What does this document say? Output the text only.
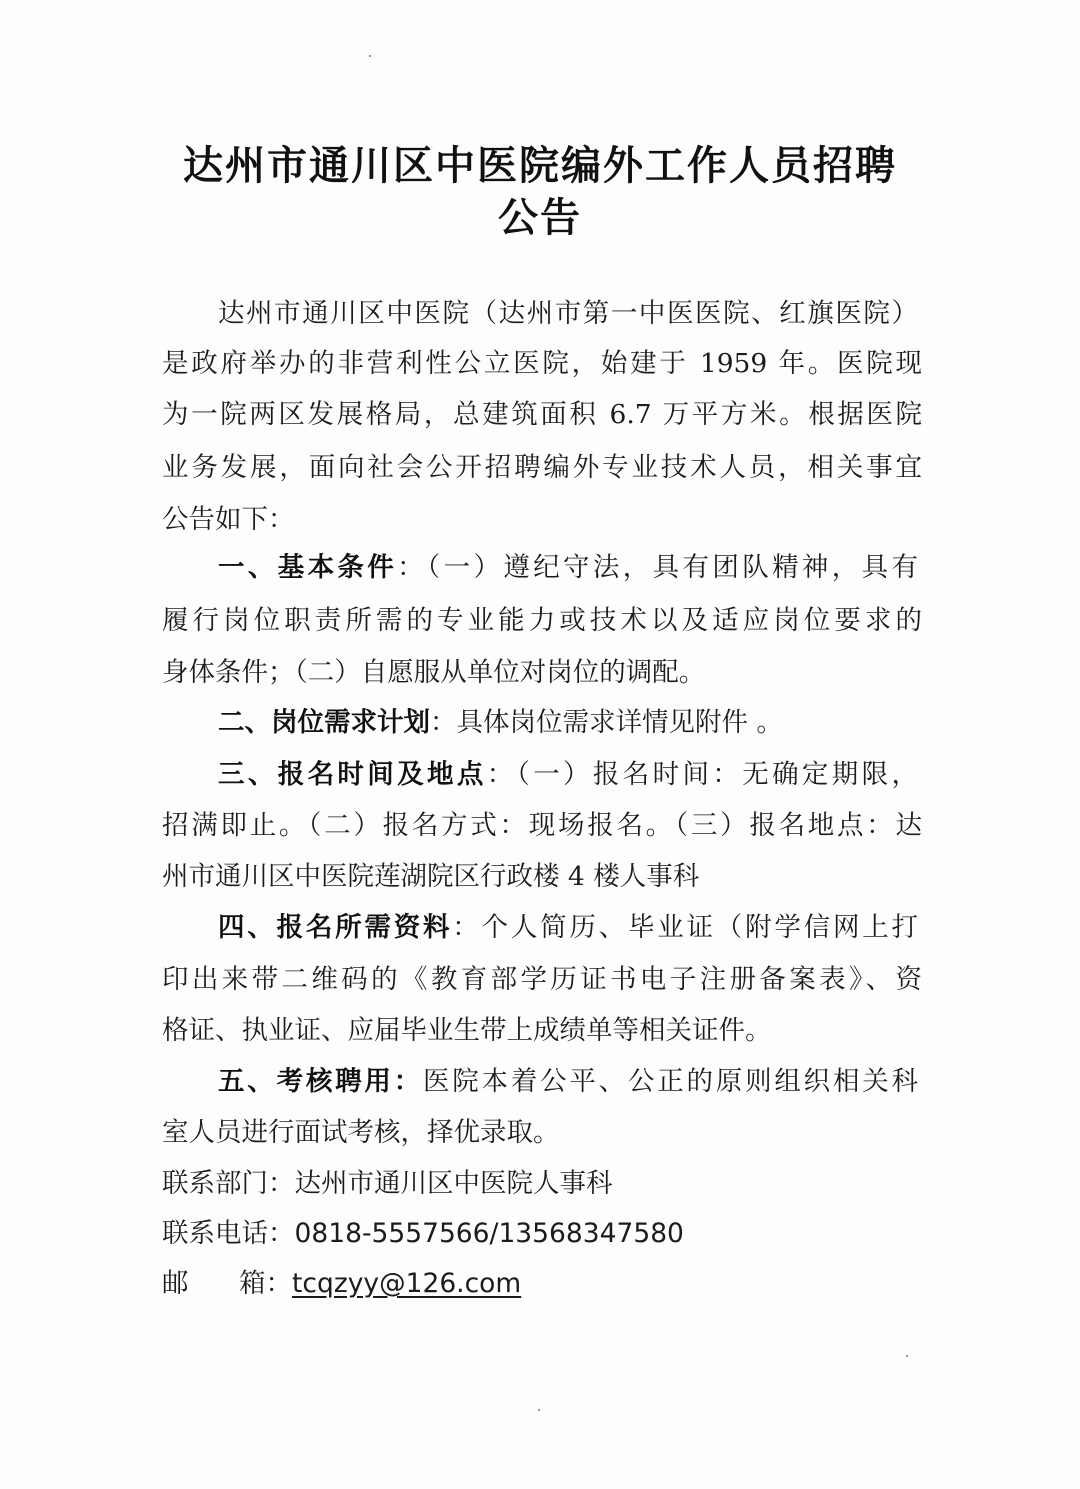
达州市通川区中医院编外工作人员招聘
公告
达州市通川区中医院（达州市第一中医医院、红旗医院）
是政府举办的非营利性公立医院，始建于 1959 年。医院现
为一院两区发展格局，总建筑面积 6.7 万平方米。根据医院
业务发展，面向社会公开招聘编外专业技术人员，相关事宜
公告如下：
一、基本条件：（一）遵纪守法，具有团队精神，具有
履行岗位职责所需的专业能力或技术以及适应岗位要求的
身体条件；（二）自愿服从单位对岗位的调配。
二、岗位需求计划：具体岗位需求详情见附件 。
三、报名时间及地点：（一）报名时间：无确定期限，
招满即止。（二）报名方式：现场报名。（三）报名地点：达
州市通川区中医院莲湖院区行政楼 4 楼人事科
四、报名所需资料：个人简历、毕业证（附学信网上打
印出来带二维码的《教育部学历证书电子注册备案表》、资
格证、执业证、应届毕业生带上成绩单等相关证件。
五、考核聘用：医院本着公平、公正的原则组织相关科
室人员进行面试考核，择优录取。
联系部门：达州市通川区中医院人事科
联系电话：0818-5557566/13568347580
邮      箱：tcqzyy@126.com
